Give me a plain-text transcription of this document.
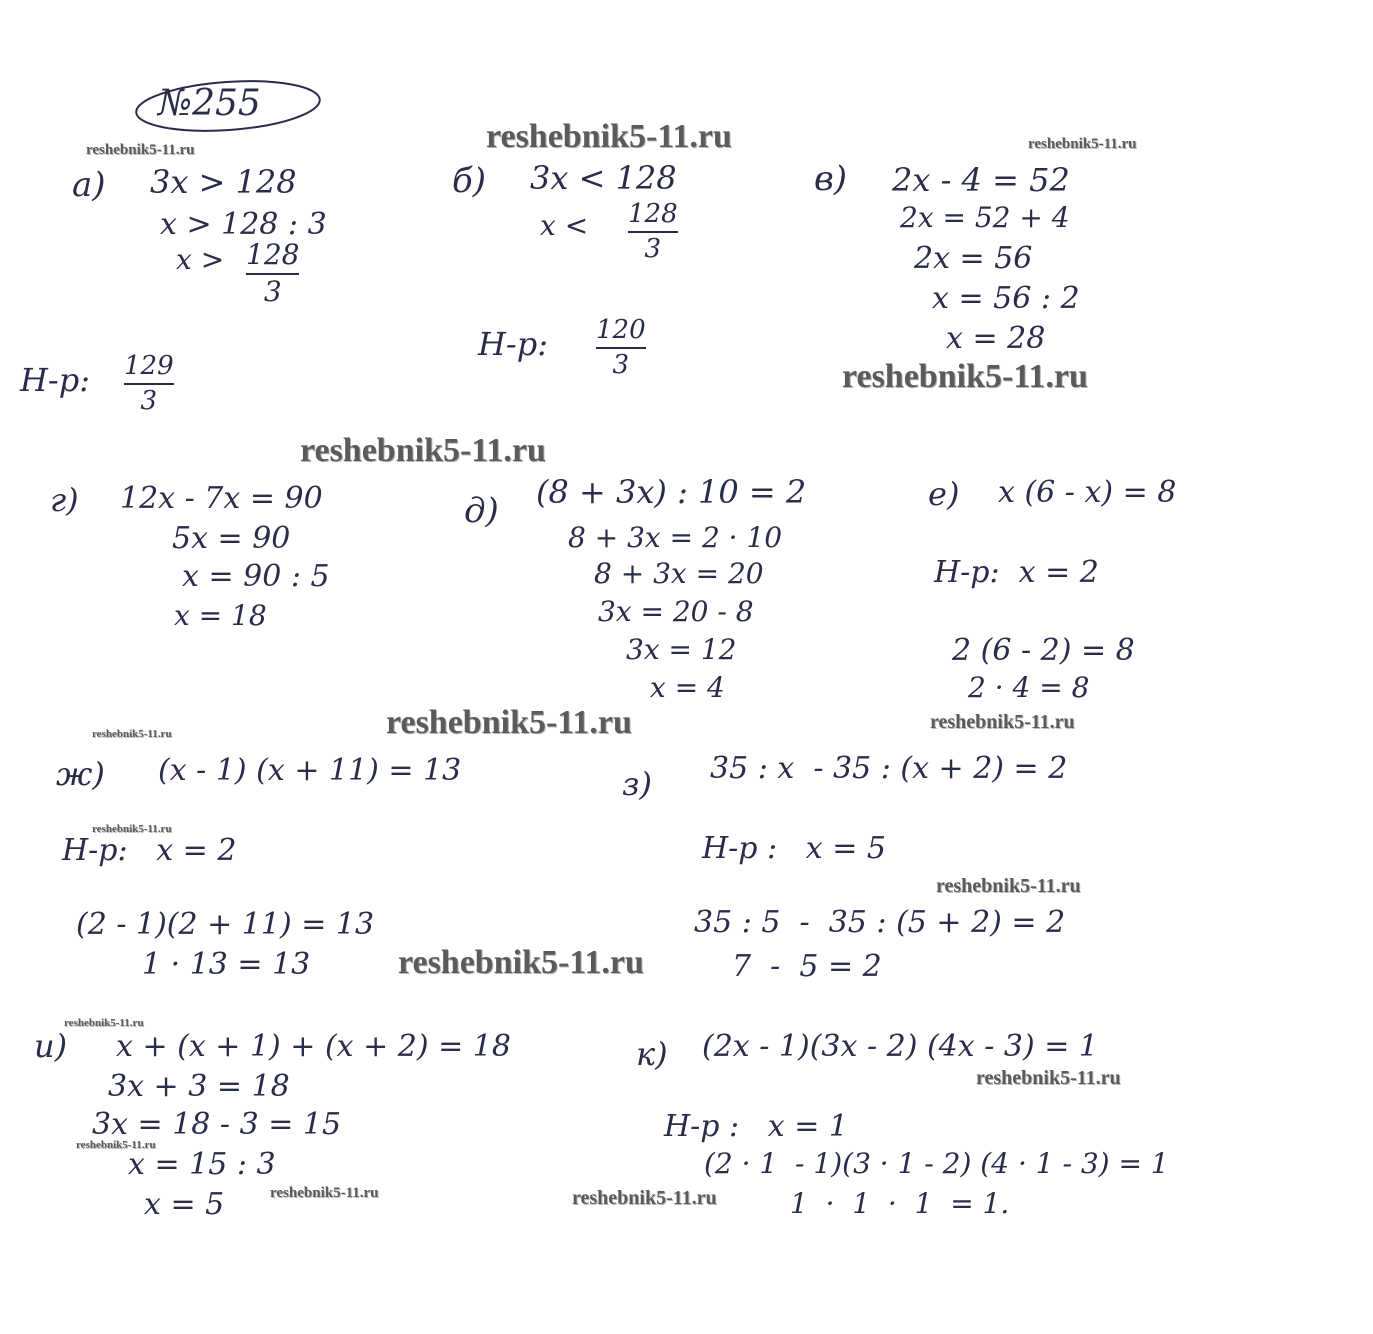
№255
reshebnik5-11.ru
reshebnik5-11.ru	reshebnik5-11.ru
reshebnik5-11.ru
reshebnik5-11.ru
reshebnik5-11.ru	reshebnik5-11.ru
reshebnik5-11.ru
reshebnik5-11.ru
reshebnik5-11.ru
reshebnik5-11.ru
reshebnik5-11.ru
reshebnik5-11.ru
reshebnik5-11.ru
reshebnik5-11.ru	reshebnik5-11.ru
а) 3x > 128
x > 128 : 3
x > 128
3
Н-р: 129
3
б) 3x < 128
x < 128
3
Н-р: 120
3
в) 2x - 4 = 52
2x = 52 + 4
2x = 56
x = 56 : 2
x = 28
г) 12x - 7x = 90
5x = 90
x = 90 : 5
x = 18
д) (8 + 3x) : 10 = 2
8 + 3x = 2 · 10
8 + 3x = 20
3x = 20 - 8
3x = 12
x = 4
е) x (6 - x) = 8
Н-р:  x = 2
2 (6 - 2) = 8
2 · 4 = 8
ж) (x - 1) (x + 11) = 13
Н-р:   x = 2
(2 - 1)(2 + 11) = 13
1 · 13 = 13
з) 35 : x  - 35 : (x + 2) = 2
Н-р :   x = 5
35 : 5  -  35 : (5 + 2) = 2
7  -  5 = 2
и) x + (x + 1) + (x + 2) = 18
3x + 3 = 18
3x = 18 - 3 = 15
x = 15 : 3
x = 5
к) (2x - 1)(3x - 2) (4x - 3) = 1
Н-р :   x = 1
(2 · 1  - 1)(3 · 1 - 2) (4 · 1 - 3) = 1
1  ·  1  ·  1  = 1.
